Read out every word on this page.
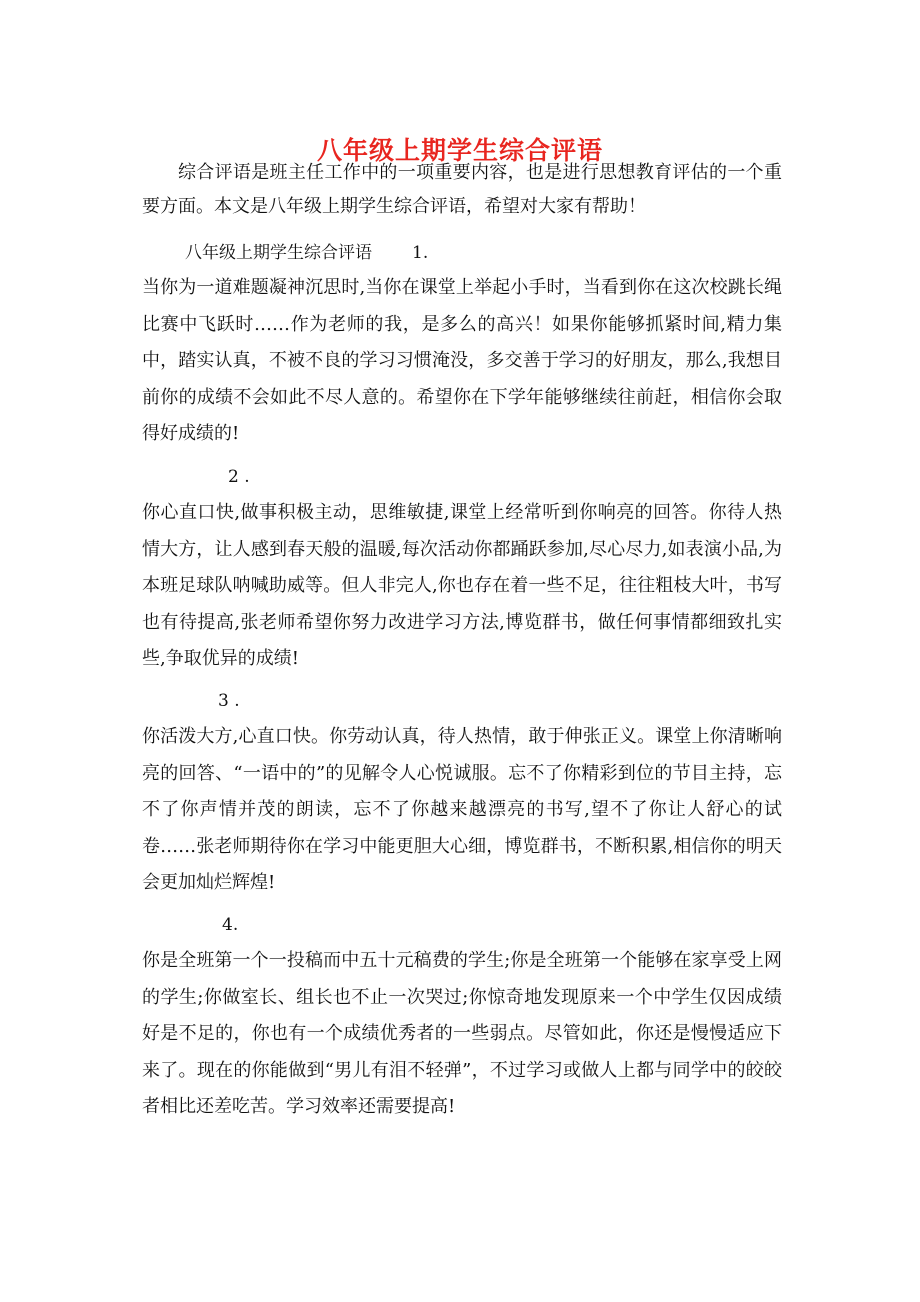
八年级上期学生综合评语

综合评语是班主任工作中的一项重要内容，也是进行思想教育评估的一个重要方面。本文是八年级上期学生综合评语，希望对大家有帮助！

八年级上期学生综合评语 1.

当你为一道难题凝神沉思时,当你在课堂上举起小手时，当看到你在这次校跳长绳比赛中飞跃时……作为老师的我，是多么的高兴！如果你能够抓紧时间,精力集中，踏实认真，不被不良的学习习惯淹没，多交善于学习的好朋友，那么,我想目前你的成绩不会如此不尽人意的。希望你在下学年能够继续往前赶，相信你会取得好成绩的!

2 .

你心直口快,做事积极主动，思维敏捷,课堂上经常听到你响亮的回答。你待人热情大方，让人感到春天般的温暖,每次活动你都踊跃参加,尽心尽力,如表演小品,为本班足球队呐喊助威等。但人非完人,你也存在着一些不足，往往粗枝大叶，书写也有待提高,张老师希望你努力改进学习方法,博览群书，做任何事情都细致扎实些,争取优异的成绩!

3 .

你活泼大方,心直口快。你劳动认真，待人热情，敢于伸张正义。课堂上你清晰响亮的回答、“一语中的”的见解令人心悦诚服。忘不了你精彩到位的节目主持，忘不了你声情并茂的朗读，忘不了你越来越漂亮的书写,望不了你让人舒心的试卷……张老师期待你在学习中能更胆大心细，博览群书，不断积累,相信你的明天会更加灿烂辉煌!

4.

你是全班第一个一投稿而中五十元稿费的学生;你是全班第一个能够在家享受上网的学生;你做室长、组长也不止一次哭过;你惊奇地发现原来一个中学生仅因成绩好是不足的，你也有一个成绩优秀者的一些弱点。尽管如此，你还是慢慢适应下来了。现在的你能做到“男儿有泪不轻弹”，不过学习或做人上都与同学中的皎皎者相比还差吃苦。学习效率还需要提高!
